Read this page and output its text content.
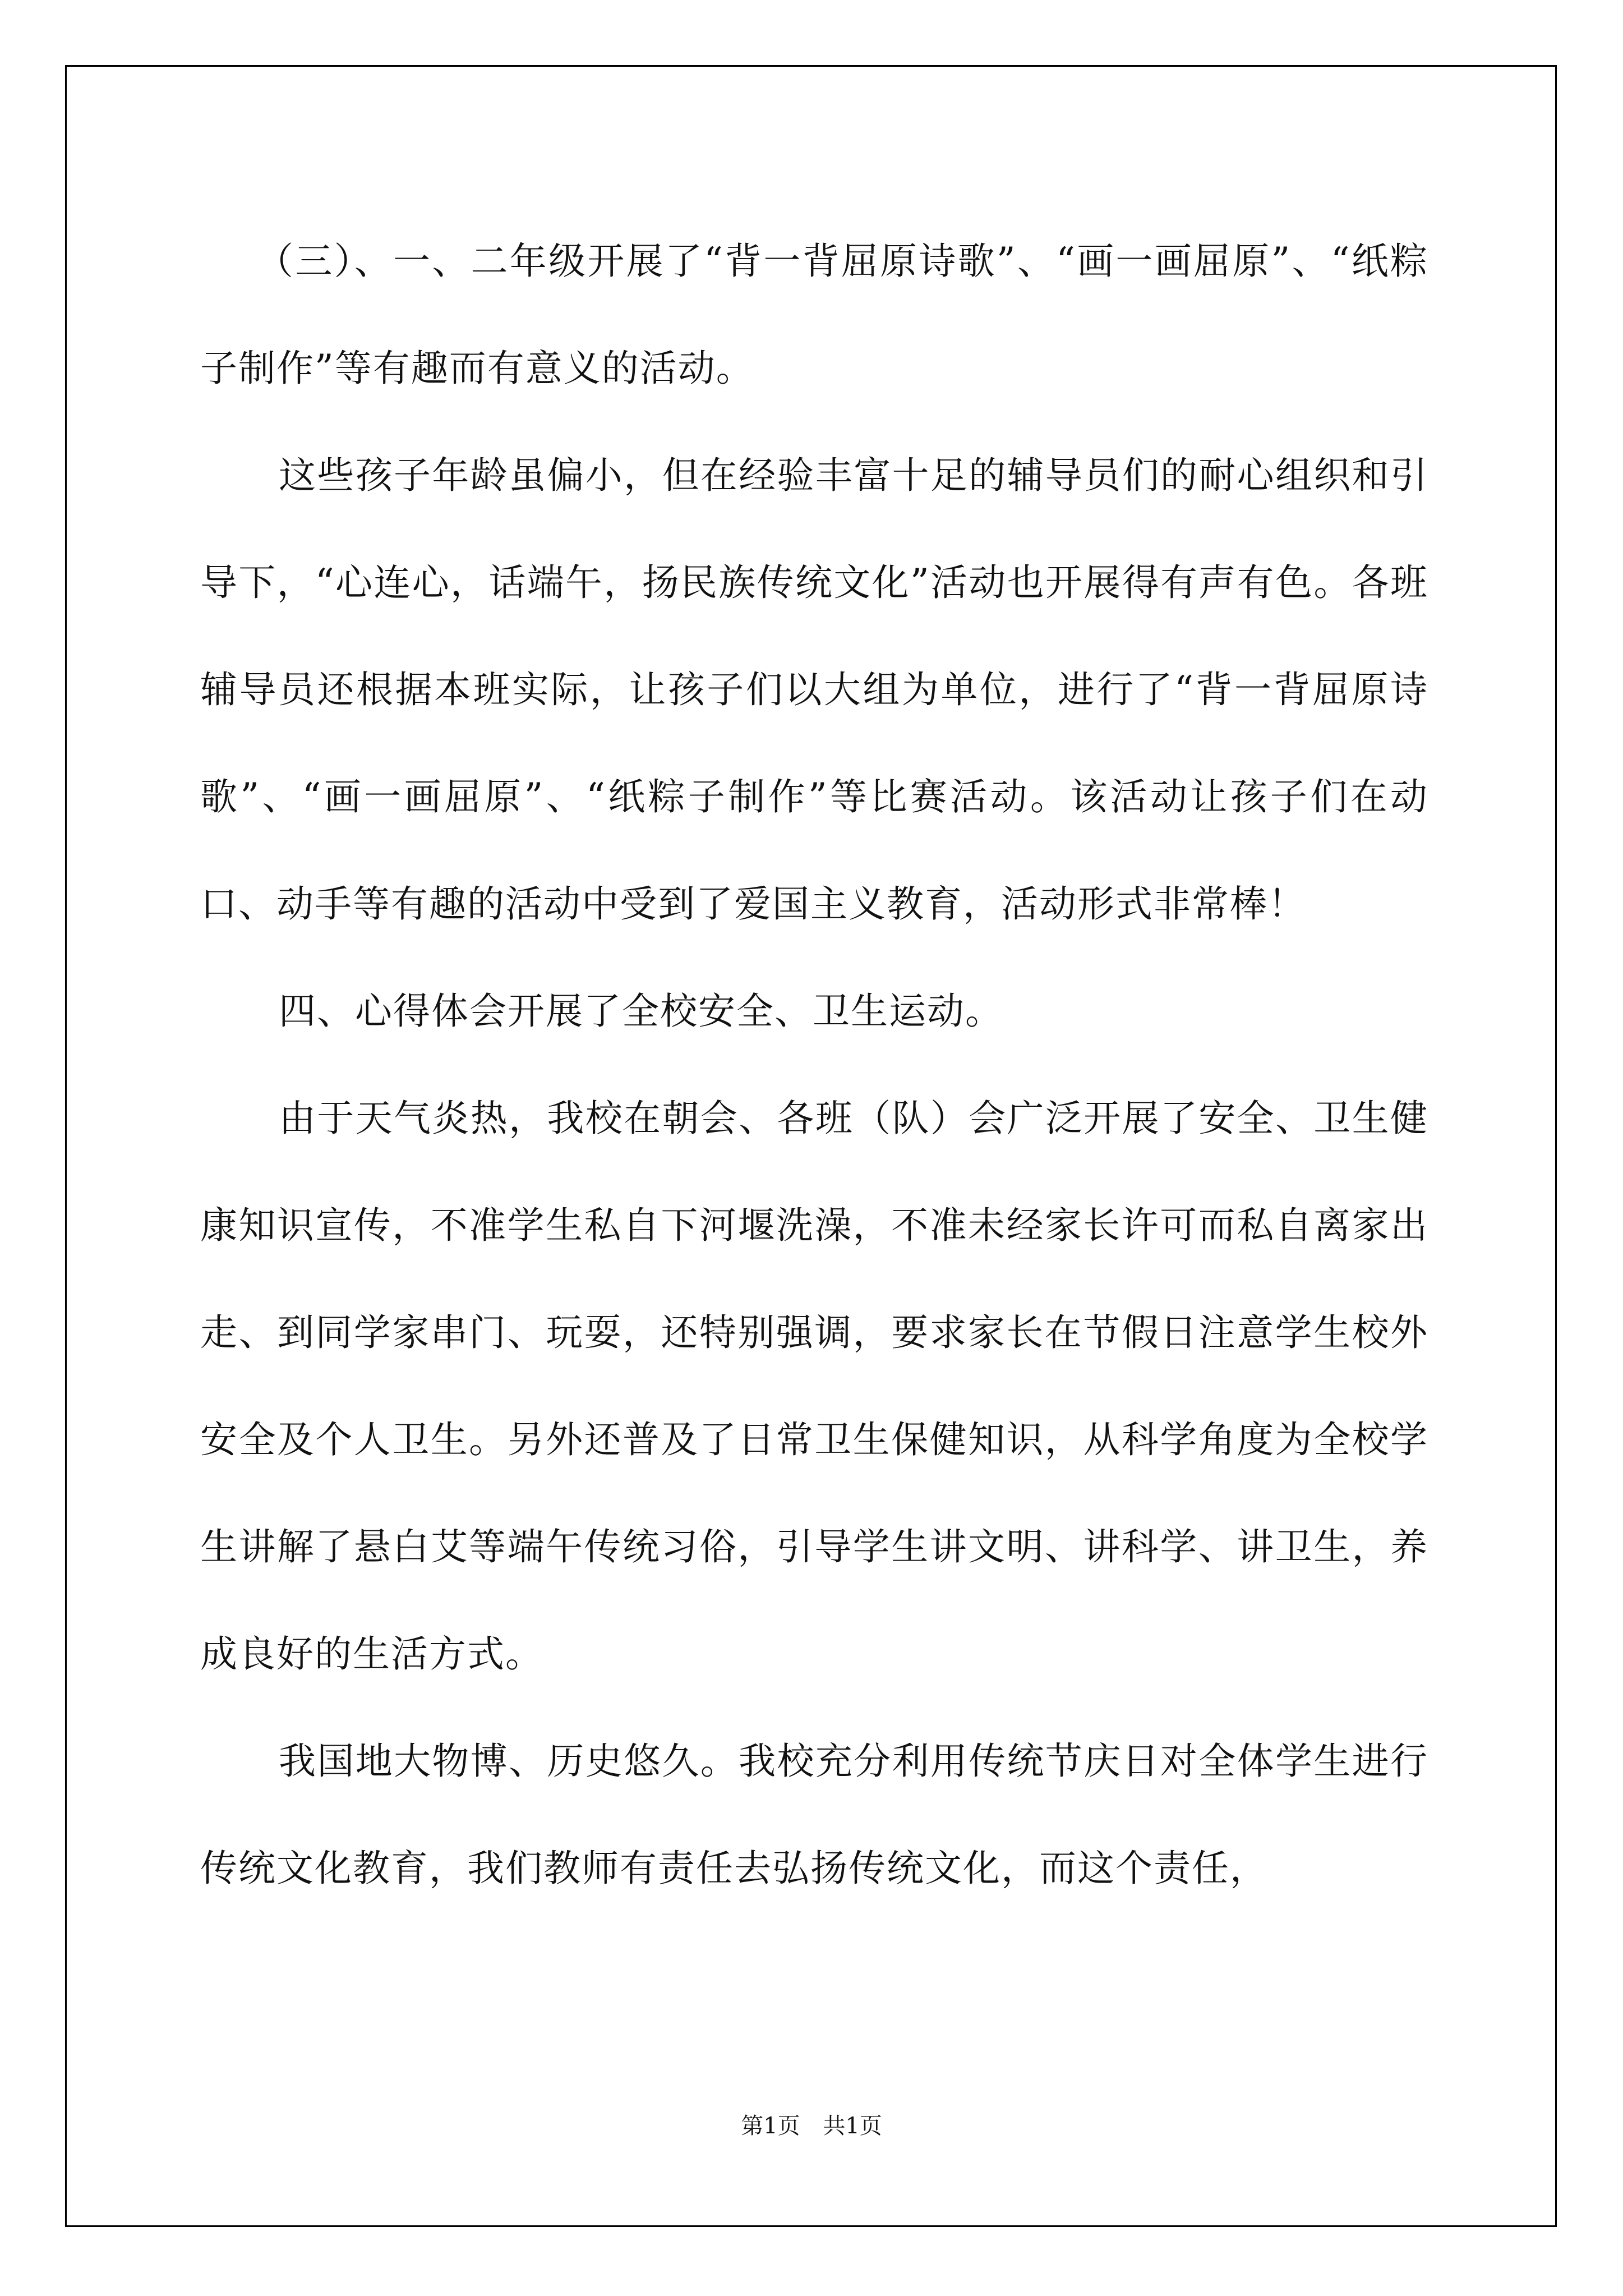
（三）、一、二年级开展了“背一背屈原诗歌”、“画一画屈原”、“纸粽子制作”等有趣而有意义的活动。

这些孩子年龄虽偏小，但在经验丰富十足的辅导员们的耐心组织和引导下，“心连心，话端午，扬民族传统文化”活动也开展得有声有色。各班辅导员还根据本班实际，让孩子们以大组为单位，进行了“背一背屈原诗歌”、“画一画屈原”、“纸粽子制作”等比赛活动。该活动让孩子们在动口、动手等有趣的活动中受到了爱国主义教育，活动形式非常棒！

四、心得体会开展了全校安全、卫生运动。

由于天气炎热，我校在朝会、各班（队）会广泛开展了安全、卫生健康知识宣传，不准学生私自下河堰洗澡，不准未经家长许可而私自离家出走、到同学家串门、玩耍，还特别强调，要求家长在节假日注意学生校外安全及个人卫生。另外还普及了日常卫生保健知识，从科学角度为全校学生讲解了悬白艾等端午传统习俗，引导学生讲文明、讲科学、讲卫生，养成良好的生活方式。

我国地大物博、历史悠久。我校充分利用传统节庆日对全体学生进行传统文化教育，我们教师有责任去弘扬传统文化，而这个责任，

第1页 共1页
